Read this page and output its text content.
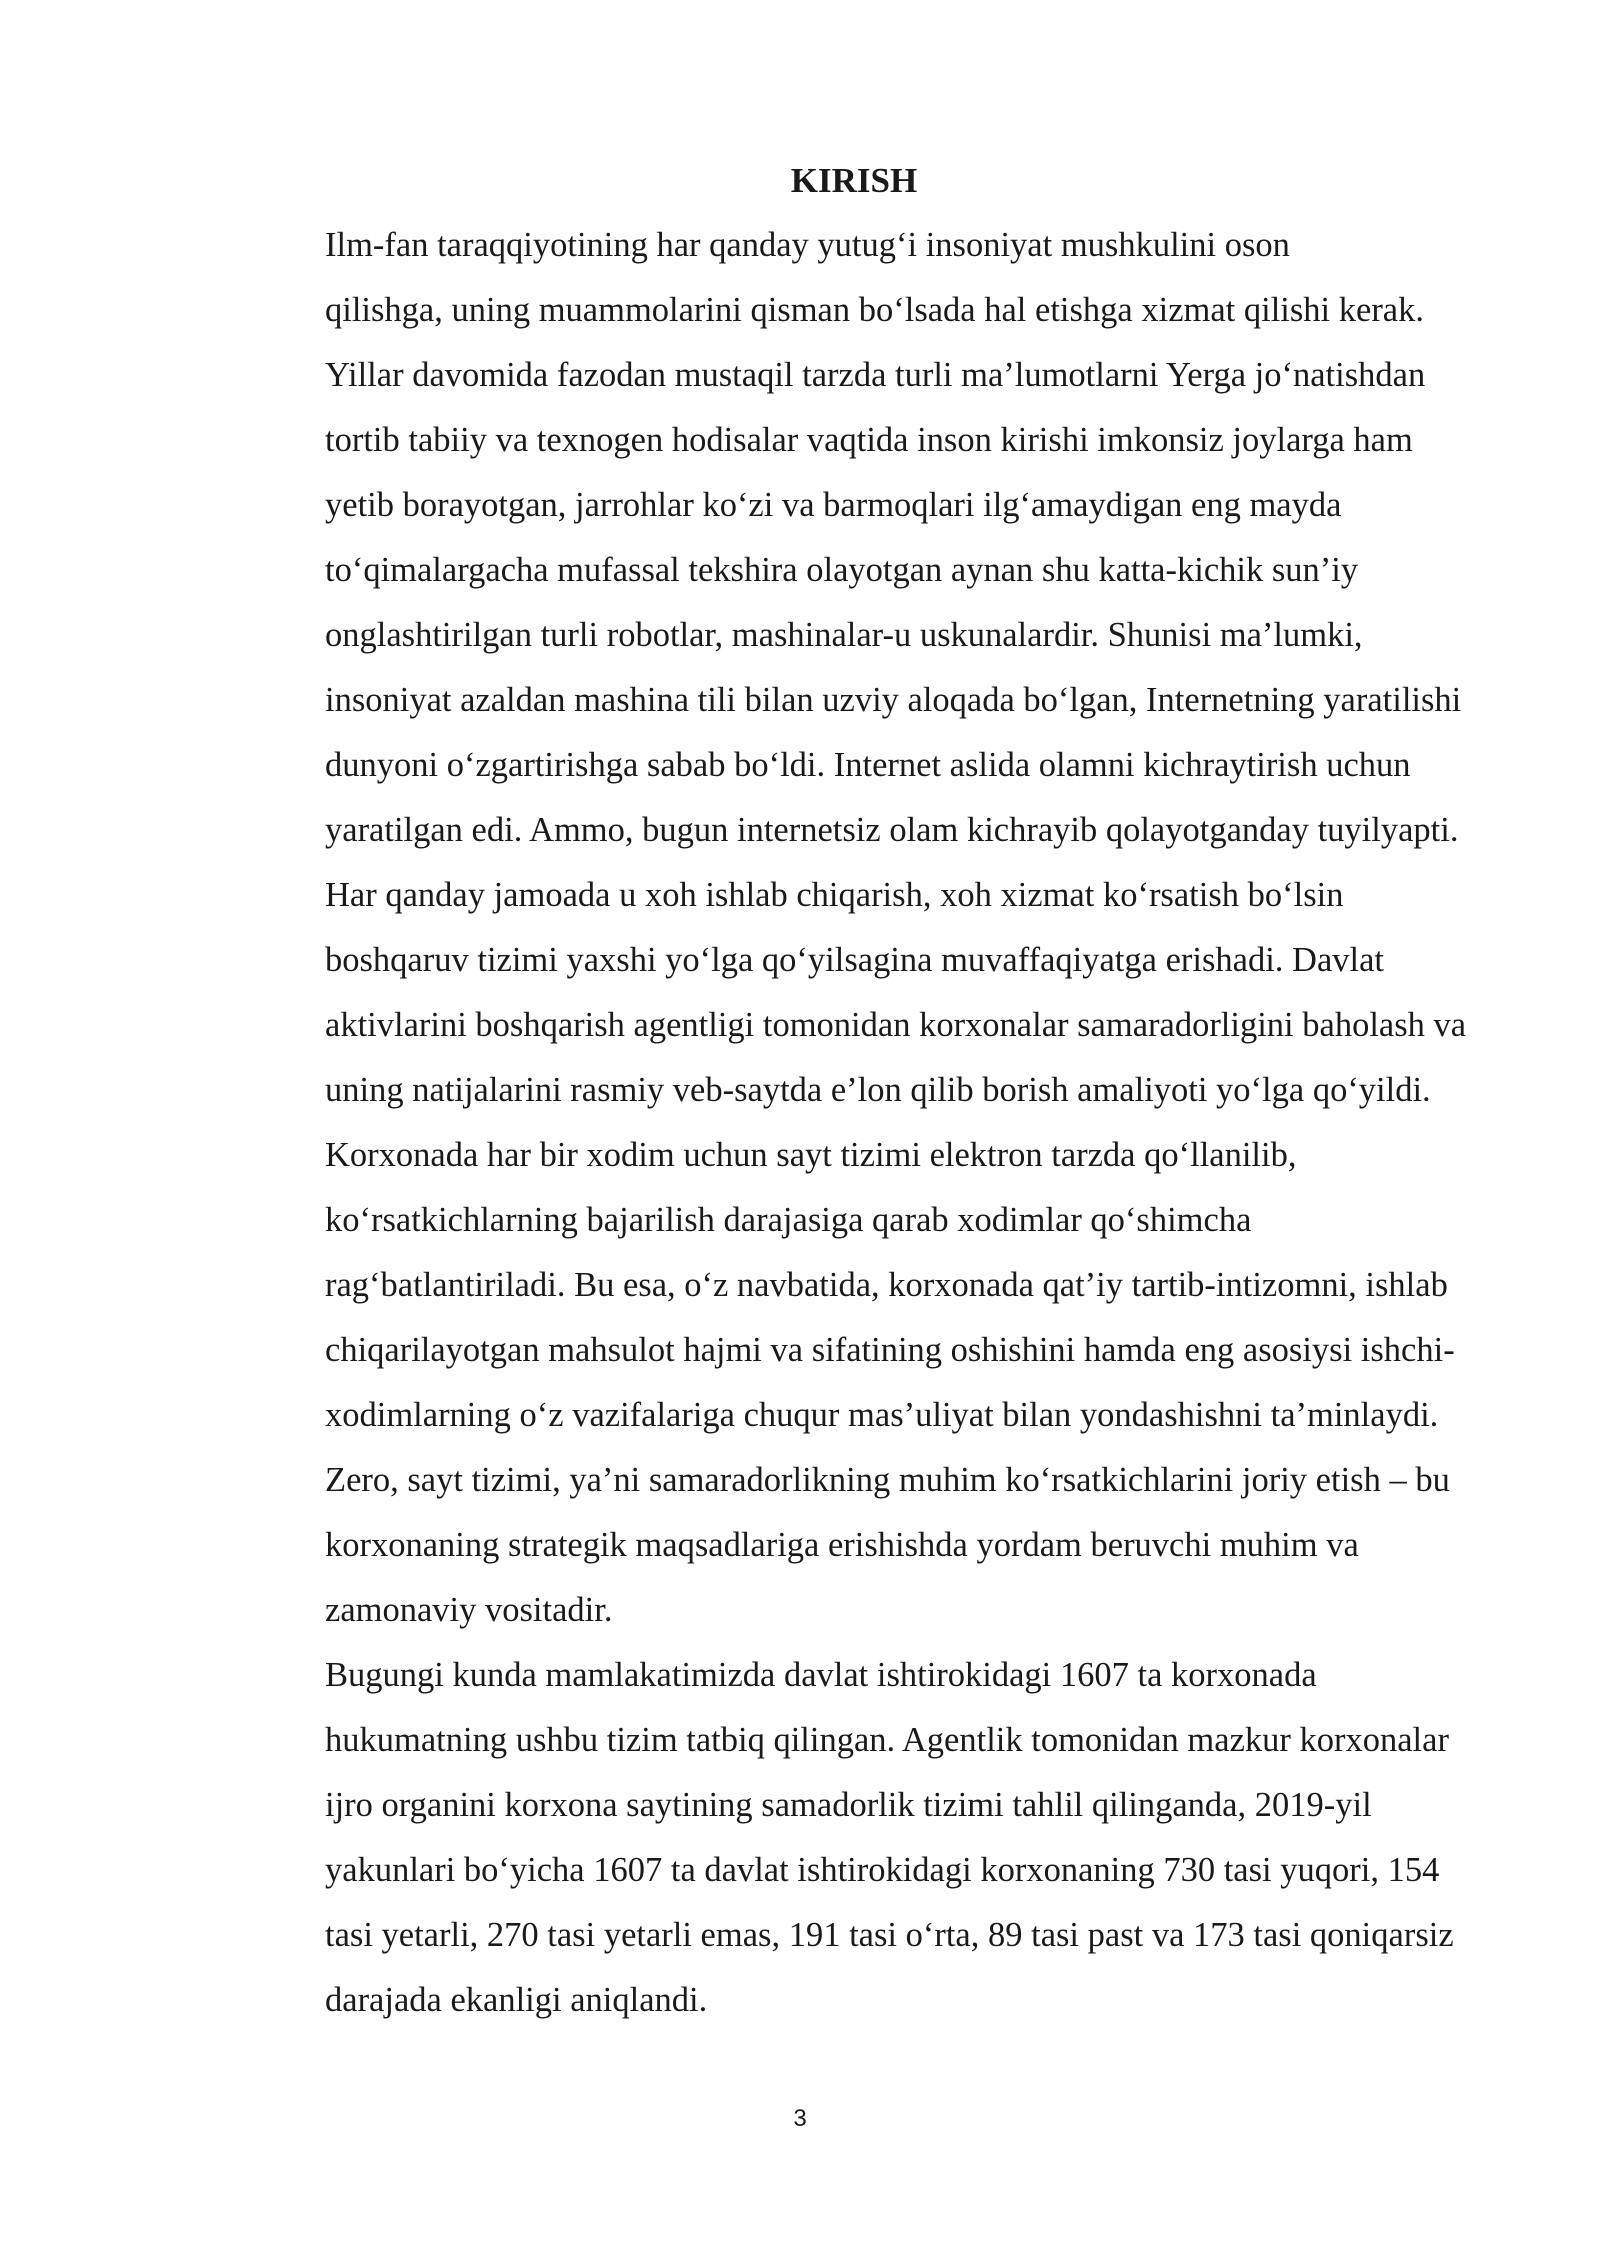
KIRISH

Ilm-fan taraqqiyotining har qanday yutug‘i insoniyat mushkulini oson
qilishga, uning muammolarini qisman bo‘lsada hal etishga xizmat qilishi kerak.
Yillar davomida fazodan mustaqil tarzda turli ma’lumotlarni Yerga jo‘natishdan
tortib tabiiy va texnogen hodisalar vaqtida inson kirishi imkonsiz joylarga ham
yetib borayotgan, jarrohlar ko‘zi va barmoqlari ilg‘amaydigan eng mayda
to‘qimalargacha mufassal tekshira olayotgan aynan shu katta-kichik sun’iy
onglashtirilgan turli robotlar, mashinalar-u uskunalardir. Shunisi ma’lumki,
insoniyat azaldan mashina tili bilan uzviy aloqada bo‘lgan, Internetning yaratilishi
dunyoni o‘zgartirishga sabab bo‘ldi. Internet aslida olamni kichraytirish uchun
yaratilgan edi. Ammo, bugun internetsiz olam kichrayib qolayotganday tuyilyapti.

Har qanday jamoada u xoh ishlab chiqarish, xoh xizmat ko‘rsatish bo‘lsin
boshqaruv tizimi yaxshi yo‘lga qo‘yilsagina muvaffaqiyatga erishadi. Davlat
aktivlarini boshqarish agentligi tomonidan korxonalar samaradorligini baholash va
uning natijalarini rasmiy veb-saytda e’lon qilib borish amaliyoti yo‘lga qo‘yildi.

Korxonada har bir xodim uchun sayt tizimi elektron tarzda qo‘llanilib,
ko‘rsatkichlarning bajarilish darajasiga qarab xodimlar qo‘shimcha
rag‘batlantiriladi. Bu esa, o‘z navbatida, korxonada qat’iy tartib-intizomni, ishlab
chiqarilayotgan mahsulot hajmi va sifatining oshishini hamda eng asosiysi ishchi-
xodimlarning o‘z vazifalariga chuqur mas’uliyat bilan yondashishni ta’minlaydi.
Zero, sayt tizimi, ya’ni samaradorlikning muhim ko‘rsatkichlarini joriy etish – bu
korxonaning strategik maqsadlariga erishishda yordam beruvchi muhim va
zamonaviy vositadir.

Bugungi kunda mamlakatimizda davlat ishtirokidagi 1607 ta korxonada
hukumatning ushbu tizim tatbiq qilingan. Agentlik tomonidan mazkur korxonalar
ijro organini korxona saytining samadorlik tizimi tahlil qilinganda, 2019-yil
yakunlari bo‘yicha 1607 ta davlat ishtirokidagi korxonaning 730 tasi yuqori, 154
tasi yetarli, 270 tasi yetarli emas, 191 tasi o‘rta, 89 tasi past va 173 tasi qoniqarsiz
darajada ekanligi aniqlandi.

3
